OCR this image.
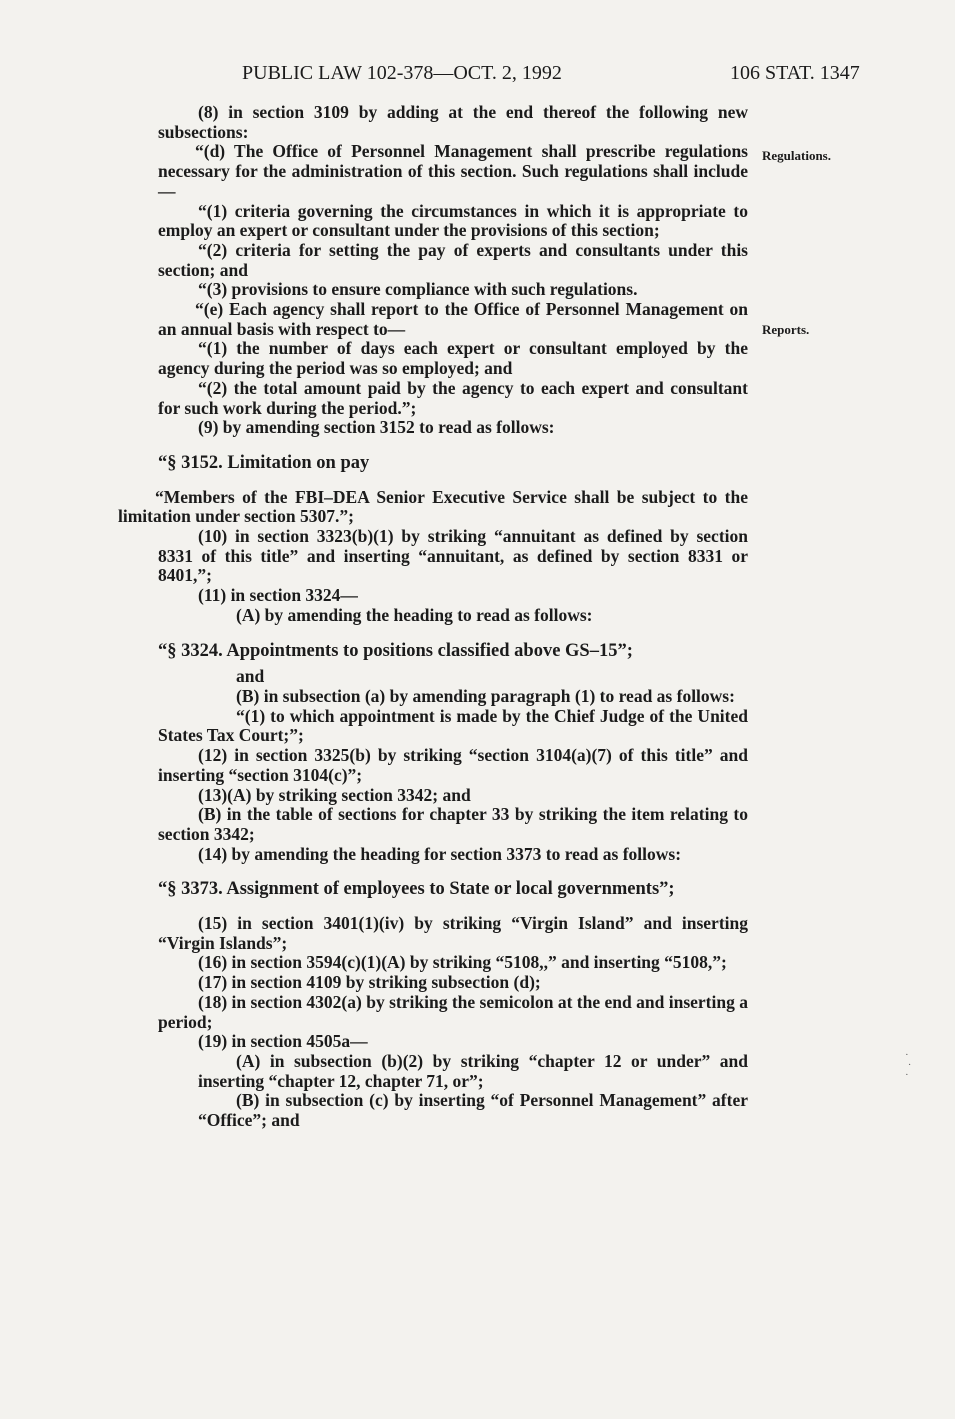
PUBLIC LAW 102-378—OCT. 2, 1992	106 STAT. 1347
Regulations.
Reports.

(8) in section 3109 by adding at the end thereof the following new subsections:

“(d) The Office of Personnel Management shall prescribe regulations necessary for the administration of this section. Such regulations shall include—

“(1) criteria governing the circumstances in which it is appropriate to employ an expert or consultant under the provisions of this section;

“(2) criteria for setting the pay of experts and consultants under this section; and

“(3) provisions to ensure compliance with such regulations.

“(e) Each agency shall report to the Office of Personnel Management on an annual basis with respect to—

“(1) the number of days each expert or consultant employed by the agency during the period was so employed; and

“(2) the total amount paid by the agency to each expert and consultant for such work during the period.”;

(9) by amending section 3152 to read as follows:

“§ 3152. Limitation on pay

“Members of the FBI–DEA Senior Executive Service shall be subject to the limitation under section 5307.”;

(10) in section 3323(b)(1) by striking “annuitant as defined by section 8331 of this title” and inserting “annuitant, as defined by section 8331 or 8401,”;

(11) in section 3324—

(A) by amending the heading to read as follows:

“§ 3324. Appointments to positions classified above GS–15”;

and

(B) in subsection (a) by amending paragraph (1) to read as follows:

“(1) to which appointment is made by the Chief Judge of the United States Tax Court;”;

(12) in section 3325(b) by striking “section 3104(a)(7) of this title” and inserting “section 3104(c)”;

(13)(A) by striking section 3342; and

(B) in the table of sections for chapter 33 by striking the item relating to section 3342;

(14) by amending the heading for section 3373 to read as follows:

“§ 3373. Assignment of employees to State or local governments”;

(15) in section 3401(1)(iv) by striking “Virgin Island” and inserting “Virgin Islands”;

(16) in section 3594(c)(1)(A) by striking “5108,,” and inserting “5108,”;

(17) in section 4109 by striking subsection (d);

(18) in section 4302(a) by striking the semicolon at the end and inserting a period;

(19) in section 4505a—

(A) in subsection (b)(2) by striking “chapter 12 or under” and inserting “chapter 12, chapter 71, or”;

(B) in subsection (c) by inserting “of Personnel Management” after “Office”; and

·
·
·
